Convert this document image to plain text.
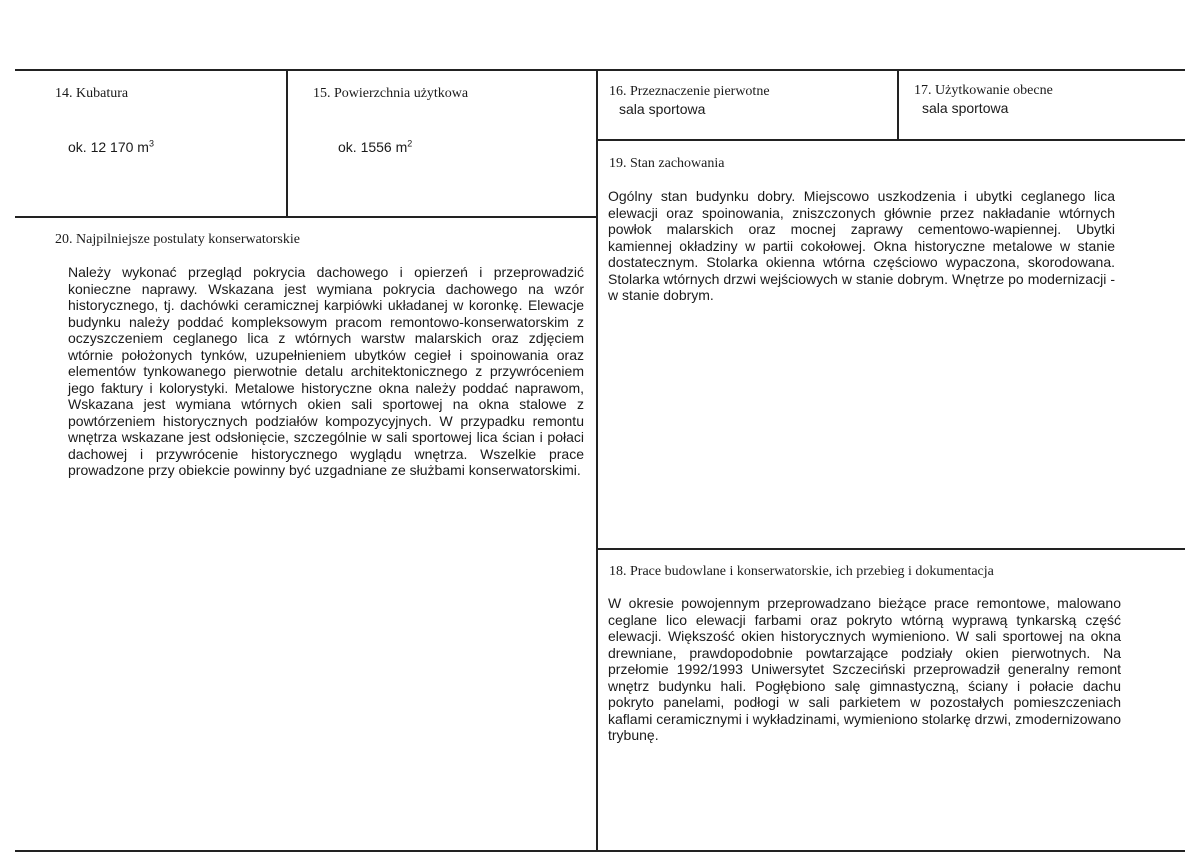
14. Kubatura
ok. 12 170 $m^3$
15. Powierzchnia użytkowa
ok. 1556 $m^2$
16. Przeznaczenie pierwotne
sala sportowa
17. Użytkowanie obecne
sala sportowa
19. Stan zachowania
Ogólny stan budynku dobry. Miejscowo uszkodzenia i ubytki ceglanego lica elewacji oraz spoinowania, zniszczonych głównie przez nakładanie wtórnych powłok malarskich oraz mocnej zaprawy cementowo-wapiennej. Ubytki kamiennej okładziny w partii cokołowej. Okna historyczne metalowe w stanie dostatecznym. Stolarka okienna wtórna częściowo wypaczona, skorodowana. Stolarka wtórnych drzwi wejściowych w stanie dobrym. Wnętrze po modernizacji - w stanie dobrym.
20. Najpilniejsze postulaty konserwatorskie
Należy wykonać przegląd pokrycia dachowego i opierzeń i przeprowadzić konieczne naprawy. Wskazana jest wymiana pokrycia dachowego na wzór historycznego, tj. dachówki ceramicznej karpiówki układanej w koronkę. Elewacje budynku należy poddać kompleksowym pracom remontowo-konserwatorskim z oczyszczeniem ceglanego lica z wtórnych warstw malarskich oraz zdjęciem wtórnie położonych tynków, uzupełnieniem ubytków cegieł i spoinowania oraz elementów tynkowanego pierwotnie detalu architektonicznego z przywróceniem jego faktury i kolorystyki. Metalowe historyczne okna należy poddać naprawom, Wskazana jest wymiana wtórnych okien sali sportowej na okna stalowe z powtórzeniem historycznych podziałów kompozycyjnych. W przypadku remontu wnętrza wskazane jest odsłonięcie, szczególnie w sali sportowej lica ścian i połaci dachowej i przywrócenie historycznego wyglądu wnętrza. Wszelkie prace prowadzone przy obiekcie powinny być uzgadniane ze służbami konserwatorskimi.
18. Prace budowlane i konserwatorskie, ich przebieg i dokumentacja
W okresie powojennym przeprowadzano bieżące prace remontowe, malowano ceglane lico elewacji farbami oraz pokryto wtórną wyprawą tynkarską część elewacji. Większość okien historycznych wymieniono. W sali sportowej na okna drewniane, prawdopodobnie powtarzające podziały okien pierwotnych. Na przełomie 1992/1993 Uniwersytet Szczeciński przeprowadził generalny remont wnętrz budynku hali. Pogłębiono salę gimnastyczną, ściany i połacie dachu pokryto panelami, podłogi w sali parkietem w pozostałych pomieszczeniach kaflami ceramicznymi i wykładzinami, wymieniono stolarkę drzwi, zmodernizowano trybunę.
